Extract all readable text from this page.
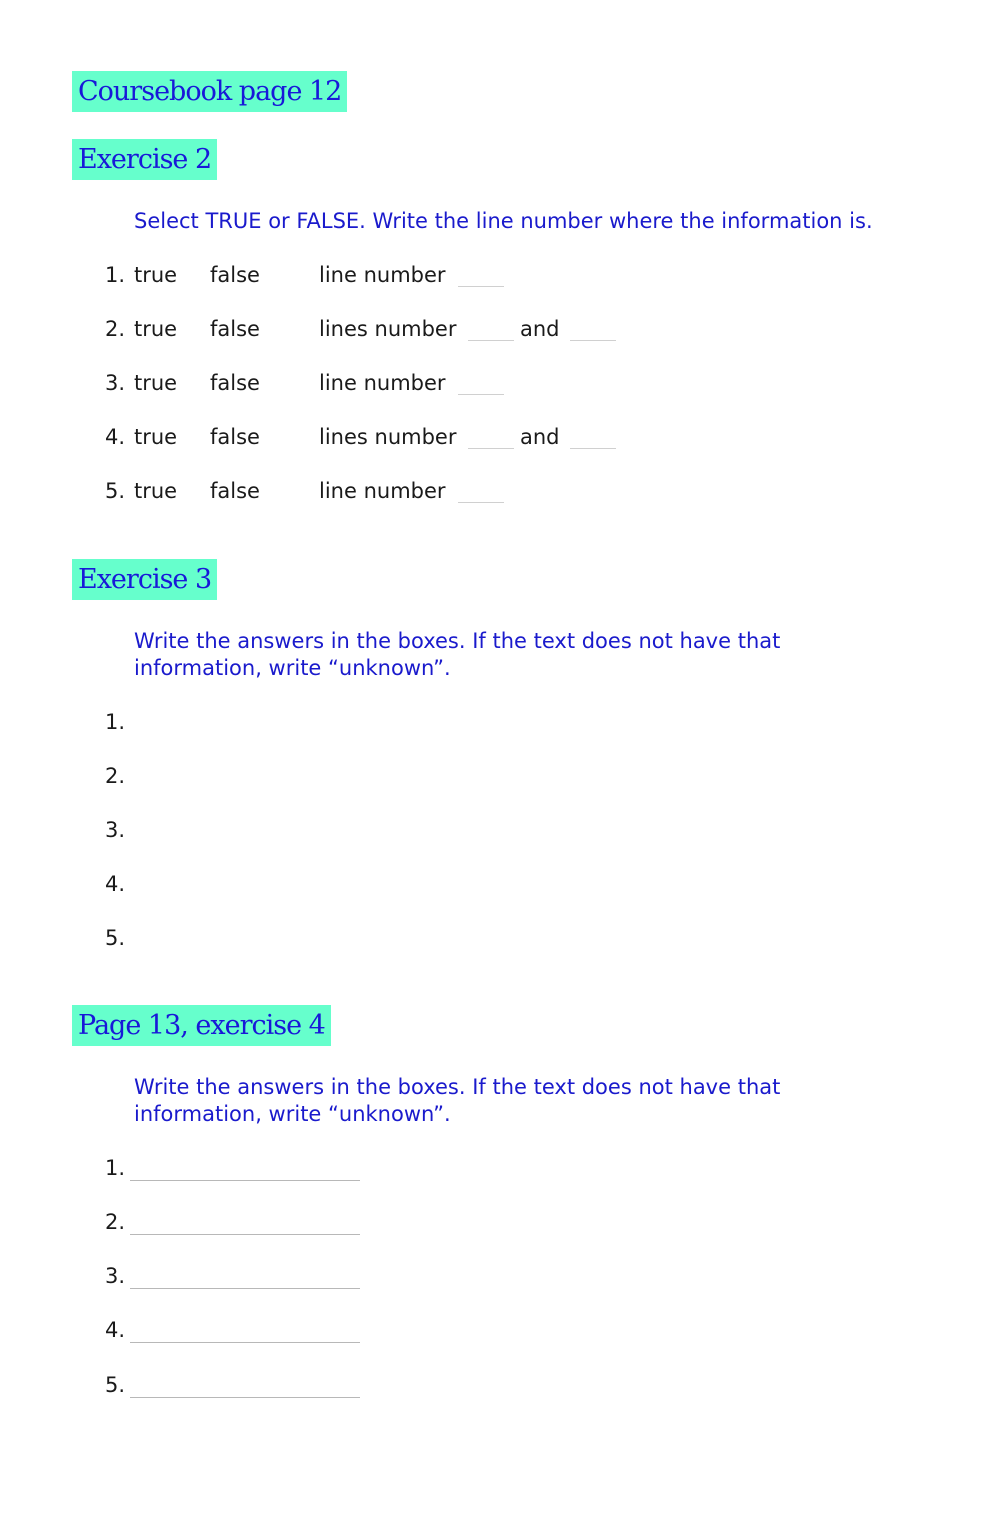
Coursebook page 12
Exercise 2
Select TRUE or FALSE. Write the line number where the information is.
1. true false	line number
2. true false	lines number	and
3. true false	line number
4. true false	lines number	and
5. true false	line number
Exercise 3
Write the answers in the boxes. If the text does not have that information, write “unknown”.
1.
2.
3.
4.
5.
Page 13, exercise 4
Write the answers in the boxes. If the text does not have that information, write “unknown”.
1.
2.
3.
4.
5.
